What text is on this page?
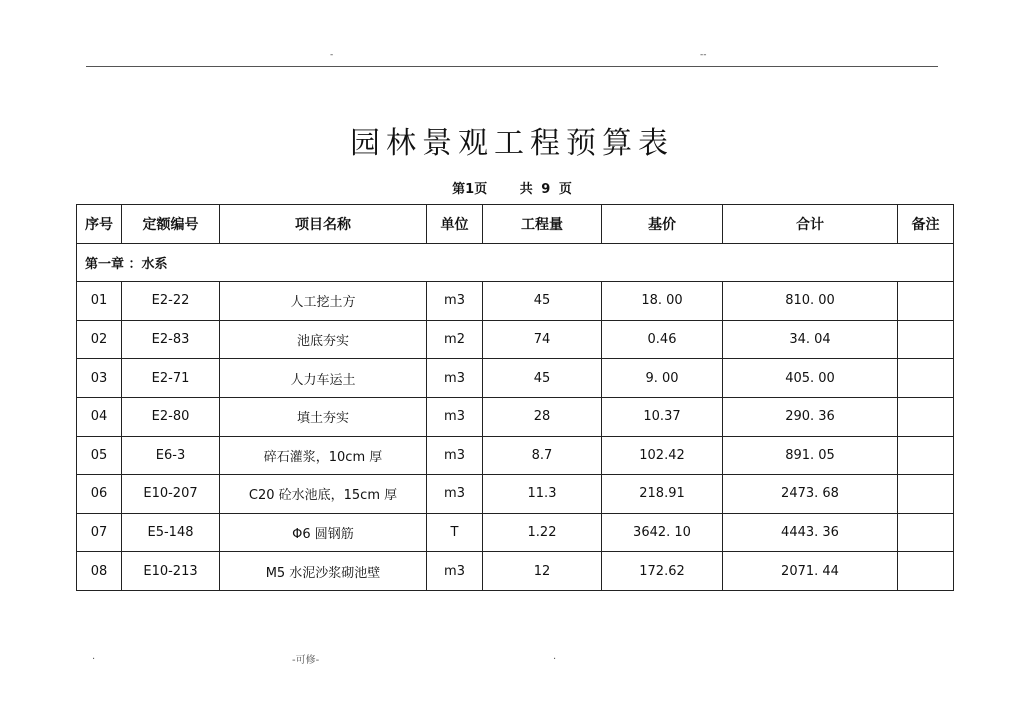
-	--
园林景观工程预算表
第1页	共 9 页
序号	定额编号	项目名称	单位	工程量	基价	合计	备注
第一章 ：水系							
01	E2-22	人工挖土方	m3	45	18. 00	810. 00	
02	E2-83	池底夯实	m2	74	0.46	34. 04	
03	E2-71	人力车运土	m3	45	9. 00	405. 00	
04	E2-80	填土夯实	m3	28	10.37	290. 36	
05	E6-3	碎石灌浆，10cm 厚	m3	8.7	102.42	891. 05	
06	E10-207	C20 砼水池底，15cm 厚	m3	11.3	218.91	2473. 68	
07	E5-148	Φ6 圆钢筋	T	1.22	3642. 10	4443. 36	
08	E10-213	M5 水泥沙浆砌池壁	m3	12	172.62	2071. 44	
.	-可修-	.
